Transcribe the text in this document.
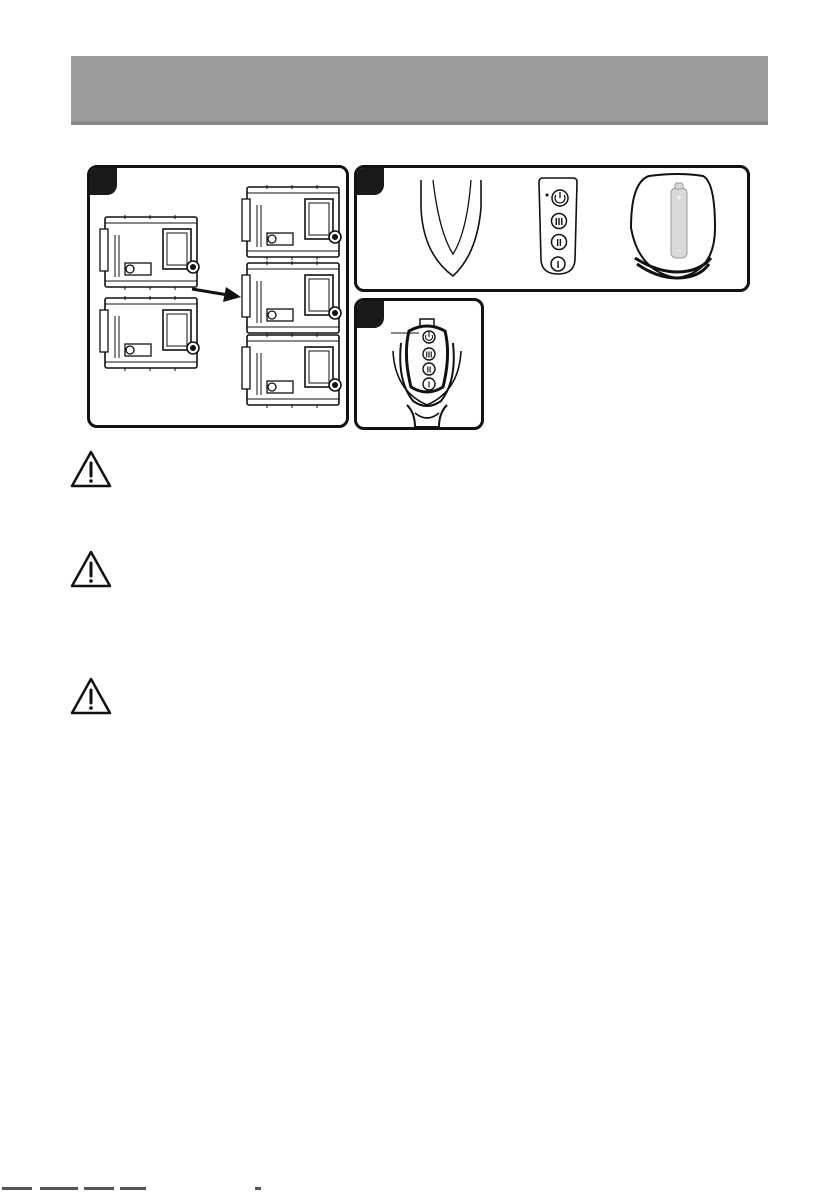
III
II
I
+
−
III
II
I
